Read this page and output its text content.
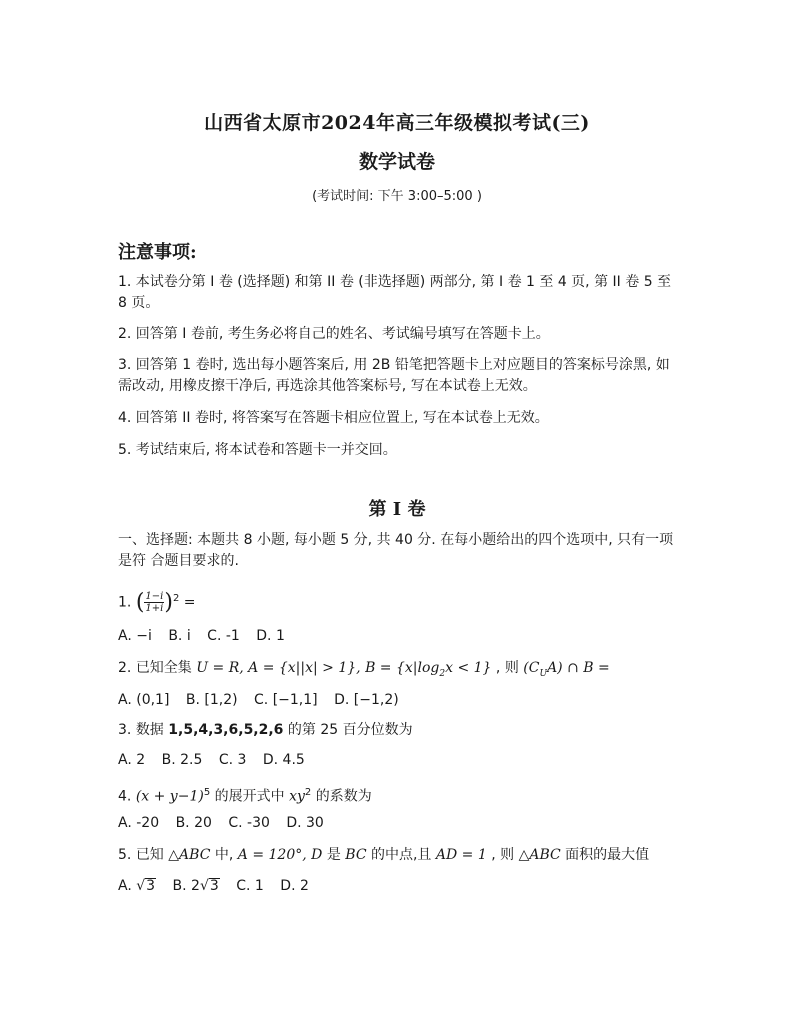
山西省太原市2024年高三年级模拟考试(三)
数学试卷
(考试时间: 下午 3:00–5:00 )
注意事项:
1. 本试卷分第 I 卷 (选择题) 和第 II 卷 (非选择题) 两部分, 第 I 卷 1 至 4 页, 第 II 卷 5 至 8 页。
2. 回答第 I 卷前, 考生务必将自己的姓名、考试编号填写在答题卡上。
3. 回答第 1 卷时, 选出每小题答案后, 用 2B 铅笔把答题卡上对应题目的答案标号涂黑, 如需改动, 用橡皮擦干净后, 再选涂其他答案标号, 写在本试卷上无效。
4. 回答第 II 卷时, 将答案写在答题卡相应位置上, 写在本试卷上无效。
5. 考试结束后, 将本试卷和答题卡一并交回。
第 I 卷
一、选择题: 本题共 8 小题, 每小题 5 分, 共 40 分. 在每小题给出的四个选项中, 只有一项是符 合题目要求的.
1. ( $\frac{1-i}{1+i} )^2$ =
A. −i B. i C. -1 D. 1
2. 已知全集 U = R, A = {x||x| > 1}, $B = \{x|\log_2x < 1\}$ , 则 $(C_UA)$ ∩ B =
A. (0,1] B. [1,2) C. [−1,1] D. [−1,2)
3. 数据 1,5,4,3,6,5,2,6 的第 25 百分位数为
A. 2 B. 2.5 C. 3 D. 4.5
4. $(x + y-1)^5$ 的展开式中 $xy^2$ 的系数为
A. -20 B. 20 C. -30 D. 30
5. 已知 △ABC 中, A = 120°, D 是 BC 的中点,且 AD = 1 , 则 △ABC 面积的最大值
A. √3 B. 2√3 C. 1 D. 2
